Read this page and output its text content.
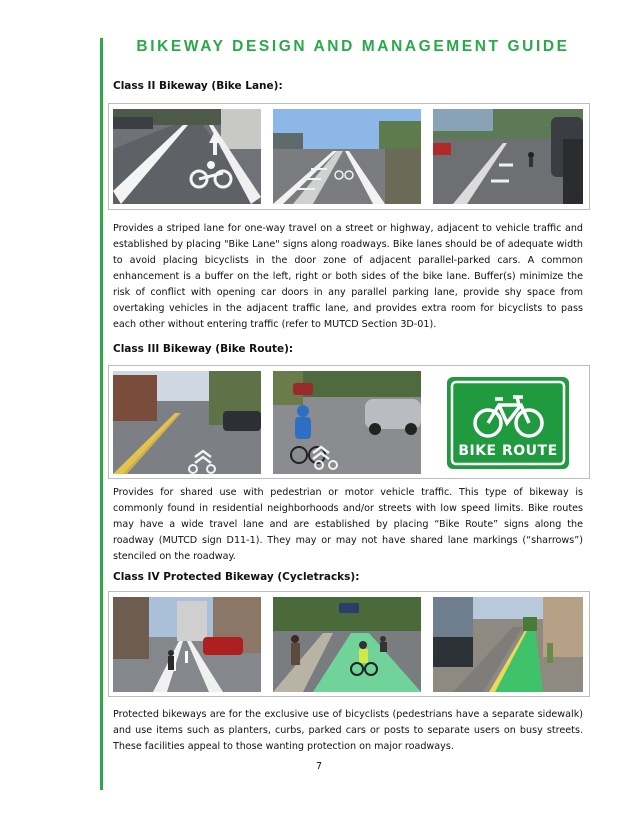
BIKEWAY DESIGN AND MANAGEMENT GUIDE
Class II Bikeway (Bike Lane):

Provides a striped lane for one-way travel on a street or highway, adjacent to vehicle traffic and established by placing "Bike Lane" signs along roadways. Bike lanes should be of adequate width to avoid placing bicyclists in the door zone of adjacent parallel-parked cars. A common enhancement is a buffer on the left, right or both sides of the bike lane. Buffer(s) minimize the risk of conflict with opening car doors in any parallel parking lane, provide shy space from overtaking vehicles in the adjacent traffic lane, and provides extra room for bicyclists to pass each other without entering traffic (refer to MUTCD Section 3D-01).

Class III Bikeway (Bike Route):
BIKE ROUTE

Provides for shared use with pedestrian or motor vehicle traffic. This type of bikeway is commonly found in residential neighborhoods and/or streets with low speed limits. Bike routes may have a wide travel lane and are established by placing “Bike Route” signs along the roadway (MUTCD sign D11-1). They may or may not have shared lane markings (“sharrows”) stenciled on the roadway.

Class IV Protected Bikeway (Cycletracks):

Protected bikeways are for the exclusive use of bicyclists (pedestrians have a separate sidewalk) and use items such as planters, curbs, parked cars or posts to separate users on busy streets. These facilities appeal to those wanting protection on major roadways.

7
